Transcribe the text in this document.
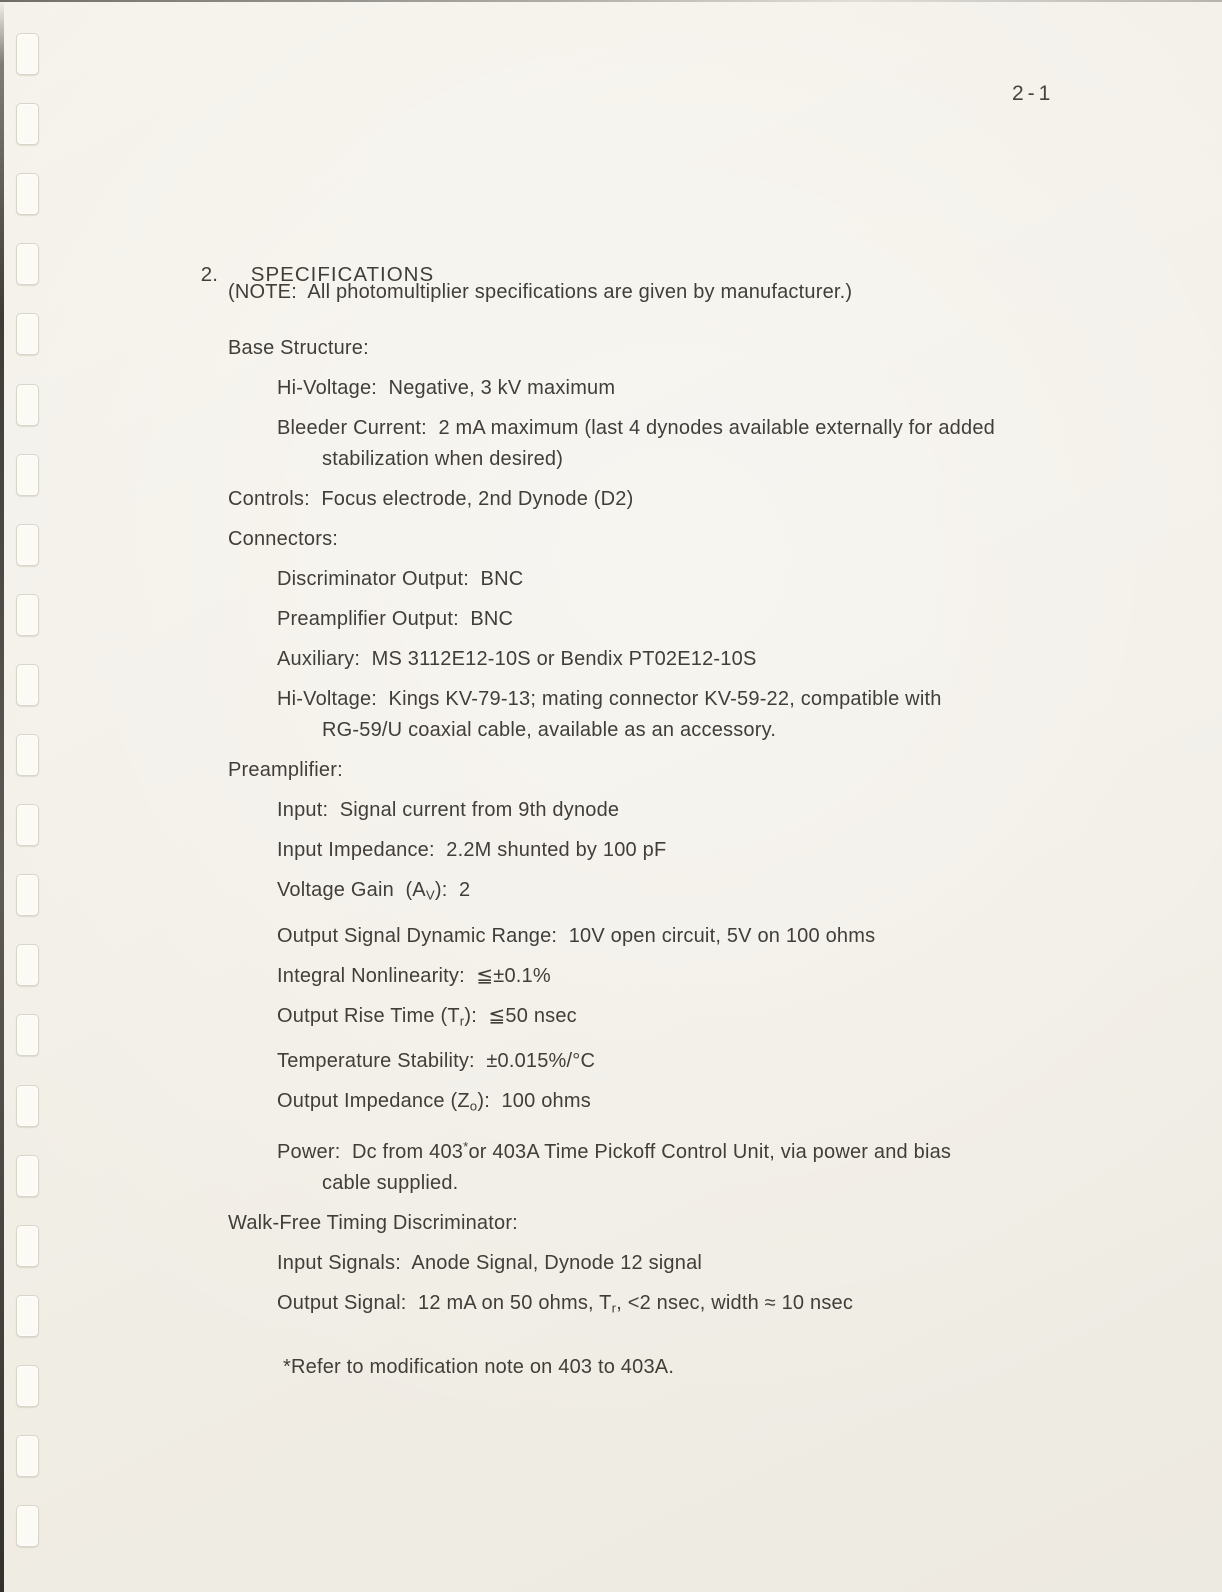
2-1

2. SPECIFICATIONS

(NOTE:  All photomultiplier specifications are given by manufacturer.)
Base Structure:
Hi-Voltage:  Negative, 3 kV maximum
Bleeder Current:  2 mA maximum (last 4 dynodes available externally for added
stabilization when desired)
Controls:  Focus electrode, 2nd Dynode (D2)
Connectors:
Discriminator Output:  BNC
Preamplifier Output:  BNC
Auxiliary:  MS 3112E12-10S or Bendix PT02E12-10S
Hi-Voltage:  Kings KV-79-13; mating connector KV-59-22, compatible with
RG-59/U coaxial cable, available as an accessory.
Preamplifier:
Input:  Signal current from 9th dynode
Input Impedance:  2.2M shunted by 100 pF
Voltage Gain  $(A_V)$:  2
Output Signal Dynamic Range:  10V open circuit, 5V on 100 ohms
Integral Nonlinearity:  ≦±0.1%
Output Rise Time $(T_r)$:  ≦50 nsec
Temperature Stability:  ±0.015%/°C
Output Impedance $(Z_o)$:  100 ohms
Power:  Dc from 403*or 403A Time Pickoff Control Unit, via power and bias
cable supplied.
Walk-Free Timing Discriminator:
Input Signals:  Anode Signal, Dynode 12 signal
Output Signal:  12 mA on 50 ohms, $T_r$, <2 nsec, width ≈ 10 nsec
*Refer to modification note on 403 to 403A.
